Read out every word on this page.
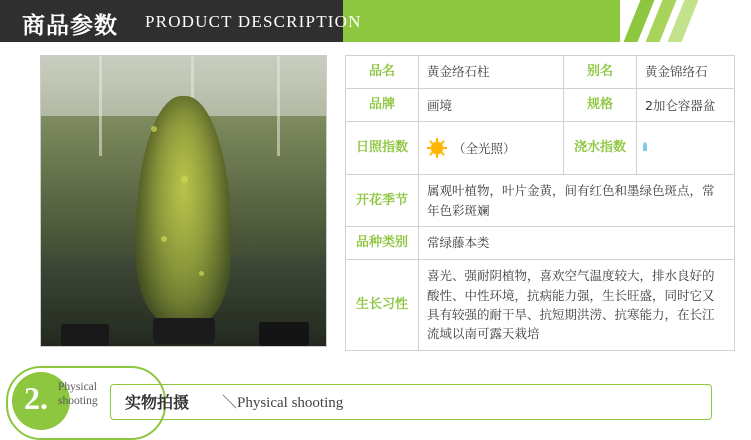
商品参数 PRODUCT DESCRIPTION
品名	黄金络石柱	别名	黄金锦络石
品牌	画境	规格	2加仑容器盆
日照指数	（全光照）	浇水指数	
开花季节	属观叶植物，叶片金黄，间有红色和墨绿色斑点，常年色彩斑斓		
品种类别	常绿藤本类		
生长习性	喜光、强耐阴植物，喜欢空气温度较大，排水良好的酸性、中性环境，抗病能力强，生长旺盛，同时它又具有较强的耐干旱、抗短期洪涝、抗寒能力，在长江流域以南可露天栽培		
2. Physical
shooting	实物拍摄 ＼Physical shooting
